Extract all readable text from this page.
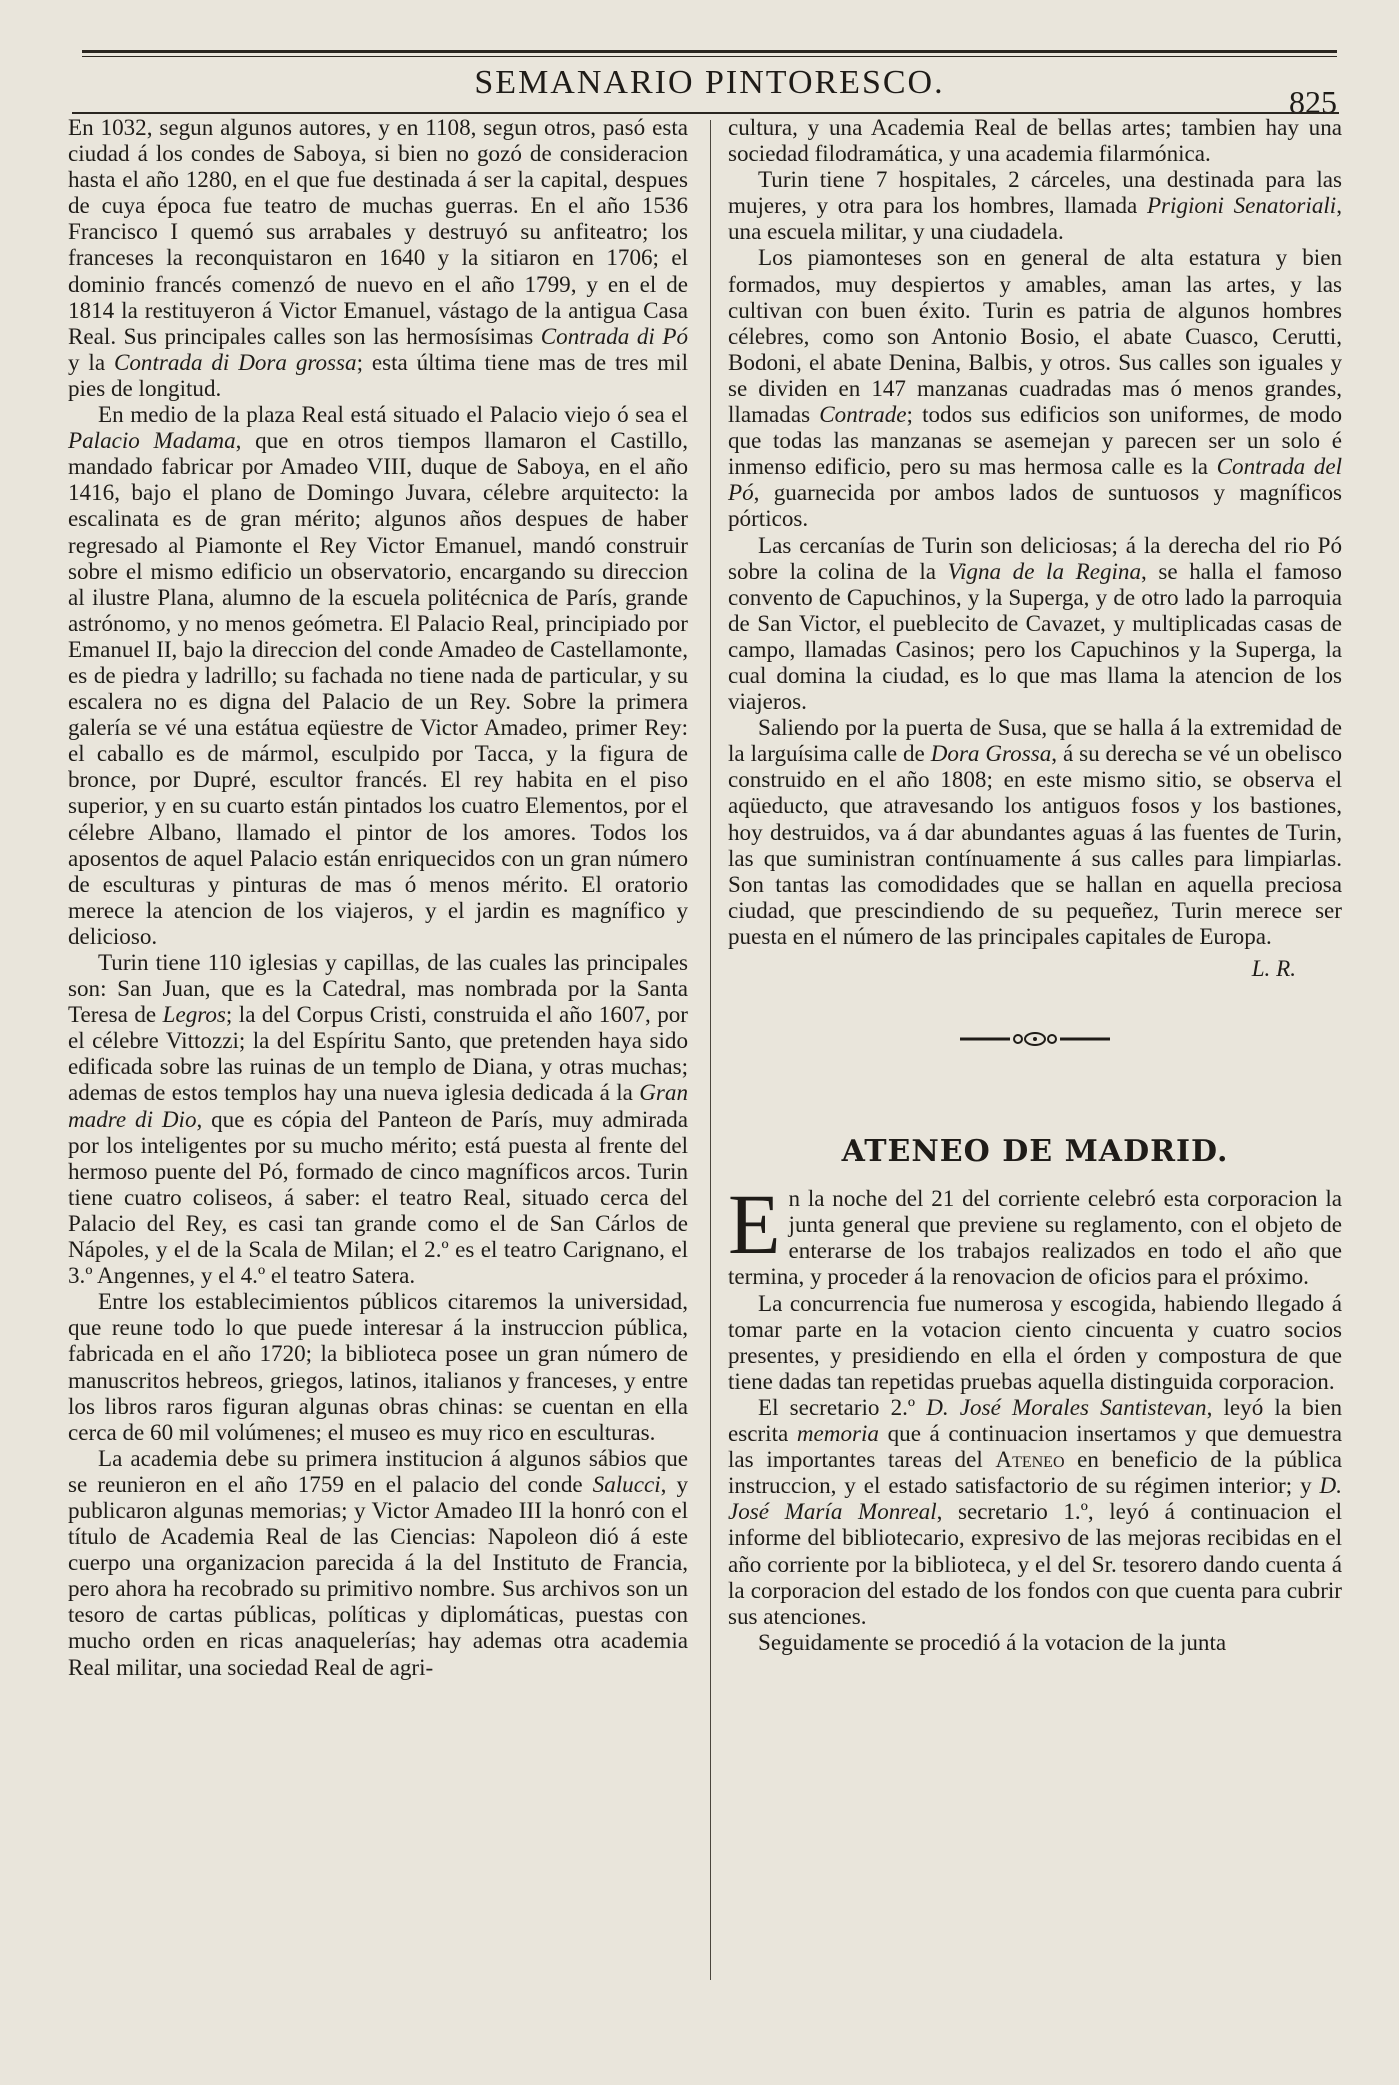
SEMANARIO PINTORESCO.
825

En 1032, segun algunos autores, y en 1108, segun otros, pasó esta ciudad á los condes de Saboya, si bien no gozó de consideracion hasta el año 1280, en el que fue destinada á ser la capital, despues de cuya época fue teatro de muchas guerras. En el año 1536 Francisco I quemó sus arrabales y destruyó su anfiteatro; los franceses la reconquistaron en 1640 y la sitiaron en 1706; el dominio francés comenzó de nuevo en el año 1799, y en el de 1814 la restituyeron á Victor Emanuel, vástago de la antigua Casa Real. Sus principales calles son las hermosísimas Contrada di Pó y la Contrada di Dora grossa; esta última tiene mas de tres mil pies de longitud.

En medio de la plaza Real está situado el Palacio viejo ó sea el Palacio Madama, que en otros tiempos llamaron el Castillo, mandado fabricar por Amadeo VIII, duque de Saboya, en el año 1416, bajo el plano de Domingo Juvara, célebre arquitecto: la escalinata es de gran mérito; algunos años despues de haber regresado al Piamonte el Rey Victor Emanuel, mandó construir sobre el mismo edificio un observatorio, encargando su direccion al ilustre Plana, alumno de la escuela politécnica de París, grande astrónomo, y no menos geómetra. El Palacio Real, principiado por Emanuel II, bajo la direccion del conde Amadeo de Castellamonte, es de piedra y ladrillo; su fachada no tiene nada de particular, y su escalera no es digna del Palacio de un Rey. Sobre la primera galería se vé una estátua eqüestre de Victor Amadeo, primer Rey: el caballo es de mármol, esculpido por Tacca, y la figura de bronce, por Dupré, escultor francés. El rey habita en el piso superior, y en su cuarto están pintados los cuatro Elementos, por el célebre Albano, llamado el pintor de los amores. Todos los aposentos de aquel Palacio están enriquecidos con un gran número de esculturas y pinturas de mas ó menos mérito. El oratorio merece la atencion de los viajeros, y el jardin es magnífico y delicioso.

Turin tiene 110 iglesias y capillas, de las cuales las principales son: San Juan, que es la Catedral, mas nombrada por la Santa Teresa de Legros; la del Corpus Cristi, construida el año 1607, por el célebre Vittozzi; la del Espíritu Santo, que pretenden haya sido edificada sobre las ruinas de un templo de Diana, y otras muchas; ademas de estos templos hay una nueva iglesia dedicada á la Gran madre di Dio, que es cópia del Panteon de París, muy admirada por los inteligentes por su mucho mérito; está puesta al frente del hermoso puente del Pó, formado de cinco magníficos arcos. Turin tiene cuatro coliseos, á saber: el teatro Real, situado cerca del Palacio del Rey, es casi tan grande como el de San Cárlos de Nápoles, y el de la Scala de Milan; el 2.º es el teatro Carignano, el 3.º Angennes, y el 4.º el teatro Satera.

Entre los establecimientos públicos citaremos la universidad, que reune todo lo que puede interesar á la instruccion pública, fabricada en el año 1720; la biblioteca posee un gran número de manuscritos hebreos, griegos, latinos, italianos y franceses, y entre los libros raros figuran algunas obras chinas: se cuentan en ella cerca de 60 mil volúmenes; el museo es muy rico en esculturas.

La academia debe su primera institucion á algunos sábios que se reunieron en el año 1759 en el palacio del conde Salucci, y publicaron algunas memorias; y Victor Amadeo III la honró con el título de Academia Real de las Ciencias: Napoleon dió á este cuerpo una organizacion parecida á la del Instituto de Francia, pero ahora ha recobrado su primitivo nombre. Sus archivos son un tesoro de cartas públicas, políticas y diplomáticas, puestas con mucho orden en ricas anaquelerías; hay ademas otra academia Real militar, una sociedad Real de agri-

cultura, y una Academia Real de bellas artes; tambien hay una sociedad filodramática, y una academia filarmónica.

Turin tiene 7 hospitales, 2 cárceles, una destinada para las mujeres, y otra para los hombres, llamada Prigioni Senatoriali, una escuela militar, y una ciudadela.

Los piamonteses son en general de alta estatura y bien formados, muy despiertos y amables, aman las artes, y las cultivan con buen éxito. Turin es patria de algunos hombres célebres, como son Antonio Bosio, el abate Cuasco, Cerutti, Bodoni, el abate Denina, Balbis, y otros. Sus calles son iguales y se dividen en 147 manzanas cuadradas mas ó menos grandes, llamadas Contrade; todos sus edificios son uniformes, de modo que todas las manzanas se asemejan y parecen ser un solo é inmenso edificio, pero su mas hermosa calle es la Contrada del Pó, guarnecida por ambos lados de suntuosos y magníficos pórticos.

Las cercanías de Turin son deliciosas; á la derecha del rio Pó sobre la colina de la Vigna de la Regina, se halla el famoso convento de Capuchinos, y la Superga, y de otro lado la parroquia de San Victor, el pueblecito de Cavazet, y multiplicadas casas de campo, llamadas Casinos; pero los Capuchinos y la Superga, la cual domina la ciudad, es lo que mas llama la atencion de los viajeros.

Saliendo por la puerta de Susa, que se halla á la extremidad de la larguísima calle de Dora Grossa, á su derecha se vé un obelisco construido en el año 1808; en este mismo sitio, se observa el aqüeducto, que atravesando los antiguos fosos y los bastiones, hoy destruidos, va á dar abundantes aguas á las fuentes de Turin, las que suministran contínuamente á sus calles para limpiarlas. Son tantas las comodidades que se hallan en aquella preciosa ciudad, que prescindiendo de su pequeñez, Turin merece ser puesta en el número de las principales capitales de Europa.

L. R.
ATENEO DE MADRID.

En la noche del 21 del corriente celebró esta corporacion la junta general que previene su reglamento, con el objeto de enterarse de los trabajos realizados en todo el año que termina, y proceder á la renovacion de oficios para el próximo.

La concurrencia fue numerosa y escogida, habiendo llegado á tomar parte en la votacion ciento cincuenta y cuatro socios presentes, y presidiendo en ella el órden y compostura de que tiene dadas tan repetidas pruebas aquella distinguida corporacion.

El secretario 2.º D. José Morales Santistevan, leyó la bien escrita memoria que á continuacion insertamos y que demuestra las importantes tareas del Ateneo en beneficio de la pública instruccion, y el estado satisfactorio de su régimen interior; y D. José María Monreal, secretario 1.º, leyó á continuacion el informe del bibliotecario, expresivo de las mejoras recibidas en el año corriente por la biblioteca, y el del Sr. tesorero dando cuenta á la corporacion del estado de los fondos con que cuenta para cubrir sus atenciones.

Seguidamente se procedió á la votacion de la junta
